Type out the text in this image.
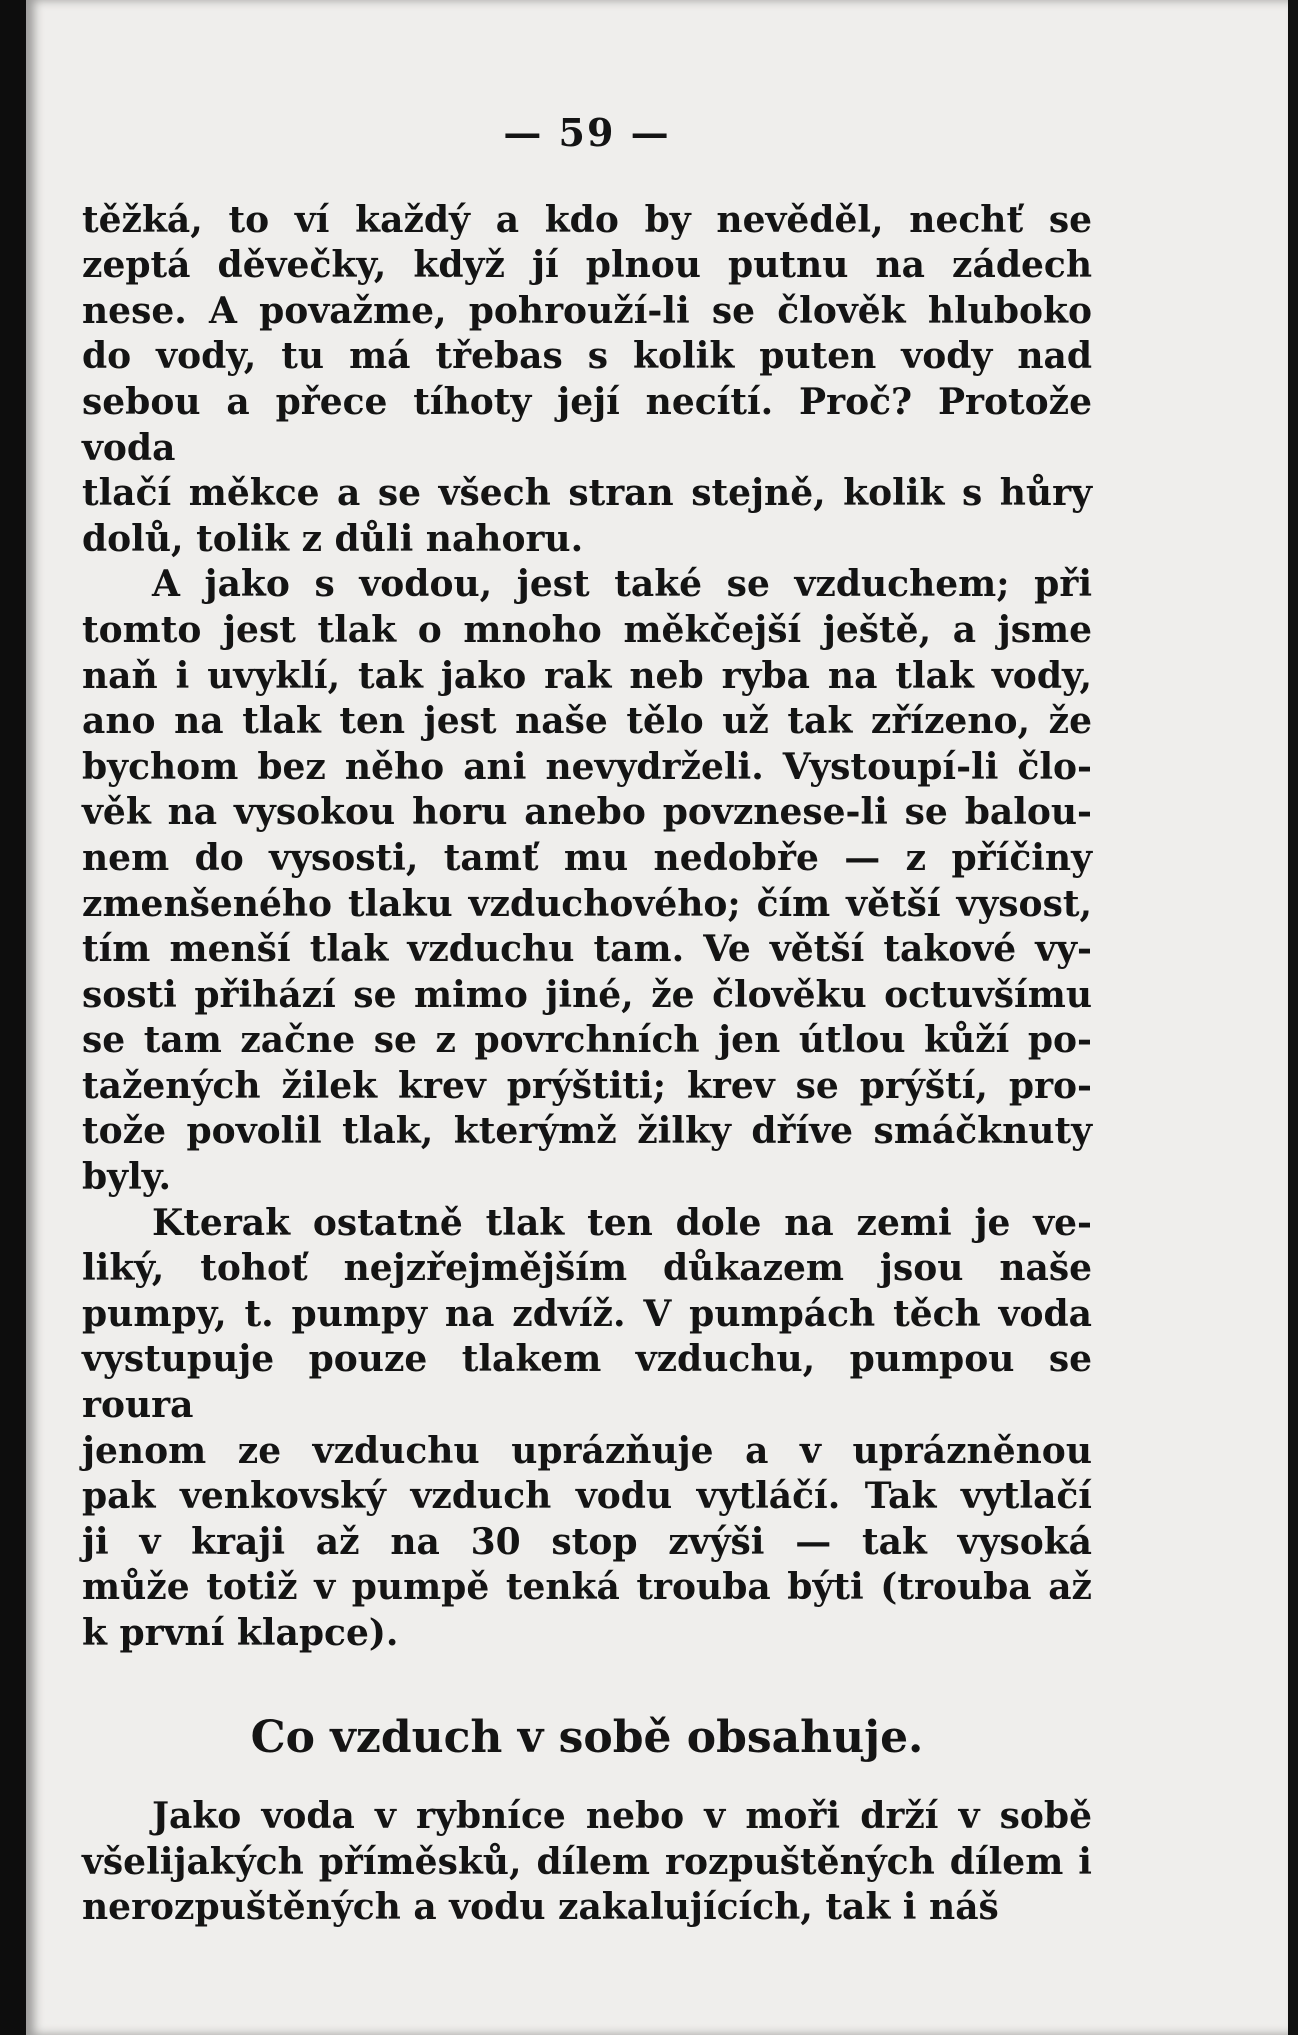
— 59 —
těžká, to ví každý a kdo by nevěděl, nechť se
zeptá děvečky, když jí plnou putnu na zádech
nese. A považme, pohrouží-li se člověk hluboko
do vody, tu má třebas s kolik puten vody nad
sebou a přece tíhoty její necítí. Proč? Protože voda
tlačí měkce a se všech stran stejně, kolik s hůry
dolů, tolik z důli nahoru.
A jako s vodou, jest také se vzduchem; při
tomto jest tlak o mnoho měkčejší ještě, a jsme
naň i uvyklí, tak jako rak neb ryba na tlak vody,
ano na tlak ten jest naše tělo už tak zřízeno, že
bychom bez něho ani nevydrželi. Vystoupí-li člo-
věk na vysokou horu anebo povznese-li se balou-
nem do vysosti, tamť mu nedobře — z příčiny
zmenšeného tlaku vzduchového; čím větší vysost,
tím menší tlak vzduchu tam. Ve větší takové vy-
sosti přihází se mimo jiné, že člověku octuvšímu
se tam začne se z povrchních jen útlou kůží po-
tažených žilek krev prýštiti; krev se prýští, pro-
tože povolil tlak, kterýmž žilky dříve smáčknuty
byly.
Kterak ostatně tlak ten dole na zemi je ve-
liký, tohoť nejzřejmějším důkazem jsou naše
pumpy, t. pumpy na zdvíž. V pumpách těch voda
vystupuje pouze tlakem vzduchu, pumpou se roura
jenom ze vzduchu uprázňuje a v uprázněnou
pak venkovský vzduch vodu vytláčí. Tak vytlačí
ji v kraji až na 30 stop zvýši — tak vysoká
může totiž v pumpě tenká trouba býti (trouba až
k první klapce).
Co vzduch v sobě obsahuje.
Jako voda v rybníce nebo v moři drží v sobě
všelijakých příměsků, dílem rozpuštěných dílem i
nerozpuštěných a vodu zakalujících, tak i náš
